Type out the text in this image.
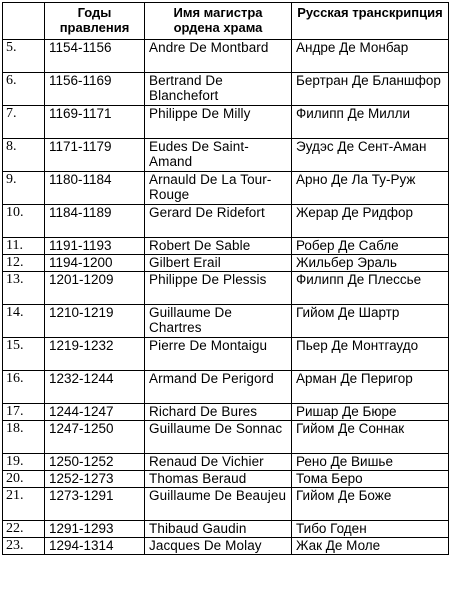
	Годы правления	Имя магистра ордена храма	Русская транскрипция
5.	1154-1156	Andre De Montbard	Андре Де Монбар
6.	1156-1169	Bertrand De Blanchefort	Бертран Де Бланшфор
7.	1169-1171	Philippe De Milly	Филипп Де Милли
8.	1171-1179	Eudes De Saint-Amand	Эудэс Де Сент-Аман
9.	1180-1184	Arnauld De La Tour-Rouge	Арно Де Ла Ту-Руж
10.	1184-1189	Gerard De Ridefort	Жерар Де Ридфор
11.	1191-1193	Robert De Sable	Робер Де Сабле
12.	1194-1200	Gilbert Erail	Жильбер Эраль
13.	1201-1209	Philippe De Plessis	Филипп Де Плессье
14.	1210-1219	Guillaume De Chartres	Гийом Де Шартр
15.	1219-1232	Pierre De Montaigu	Пьер Де Монтгаудо
16.	1232-1244	Armand De Perigord	Арман Де Перигор
17.	1244-1247	Richard De Bures	Ришар Де Бюре
18.	1247-1250	Guillaume De Sonnac	Гийом Де Соннак
19.	1250-1252	Renaud De Vichier	Рено Де Вишье
20.	1252-1273	Thomas Beraud	Тома Беро
21.	1273-1291	Guillaume De Beaujeu	Гийом Де Боже
22.	1291-1293	Thibaud Gaudin	Тибо Годен
23.	1294-1314	Jacques De Molay	Жак Де Моле
